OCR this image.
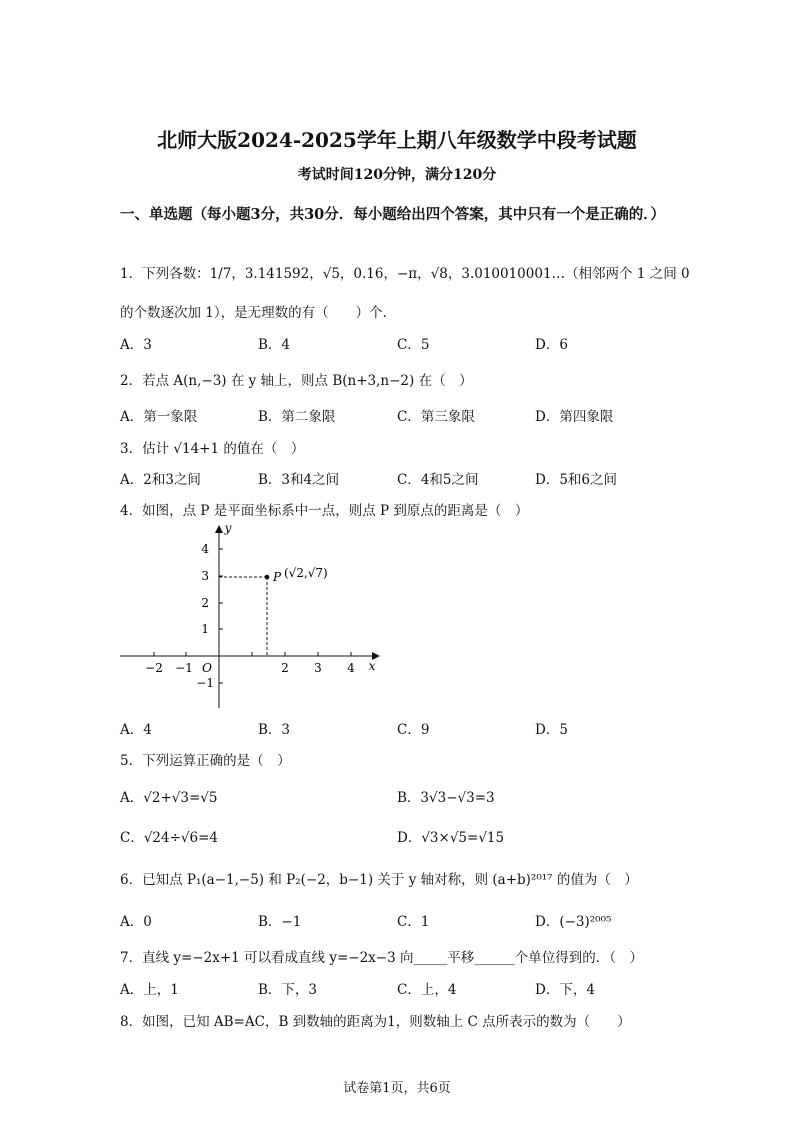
北师大版2024-2025学年上期八年级数学中段考试题
考试时间120分钟，满分120分
一、单选题（每小题3分，共30分．每小题给出四个答案，其中只有一个是正确的．）
1．下列各数：1/7，3.141592，√5，0.16，−π，√8，3.010010001…（相邻两个 1 之间 0
的个数逐次加 1），是无理数的有（　　）个．
A．3	B．4	C．5	D．6
2．若点 A(n,−3) 在 y 轴上，则点 B(n+3,n−2) 在（　）
A．第一象限	B．第二象限	C．第三象限	D．第四象限
3．估计 √14+1 的值在（　）
A．2和3之间	B．3和4之间	C．4和5之间	D．5和6之间
4．如图，点 P 是平面坐标系中一点，则点 P 到原点的距离是（　）
−2 −1 O	2 3 4 x
4
3
2
1
−1
y
P (√2,√7)
A．4	B．3	C．9	D．5
5．下列运算正确的是（　）
A．√2+√3=√5	B．3√3−√3=3
C．√24÷√6=4	D．√3×√5=√15
6．已知点 P₁(a−1,−5) 和 P₂(−2，b−1) 关于 y 轴对称，则 (a+b)²⁰¹⁷ 的值为（　）
A．0	B．−1	C．1	D．(−3)²⁰⁰⁵
7．直线 y=−2x+1 可以看成直线 y=−2x−3 向_____平移______个单位得到的．（　）
A．上，1	B．下，3	C．上，4	D．下，4
8．如图，已知 AB=AC，B 到数轴的距离为1，则数轴上 C 点所表示的数为（　　）
试卷第1页，共6页
